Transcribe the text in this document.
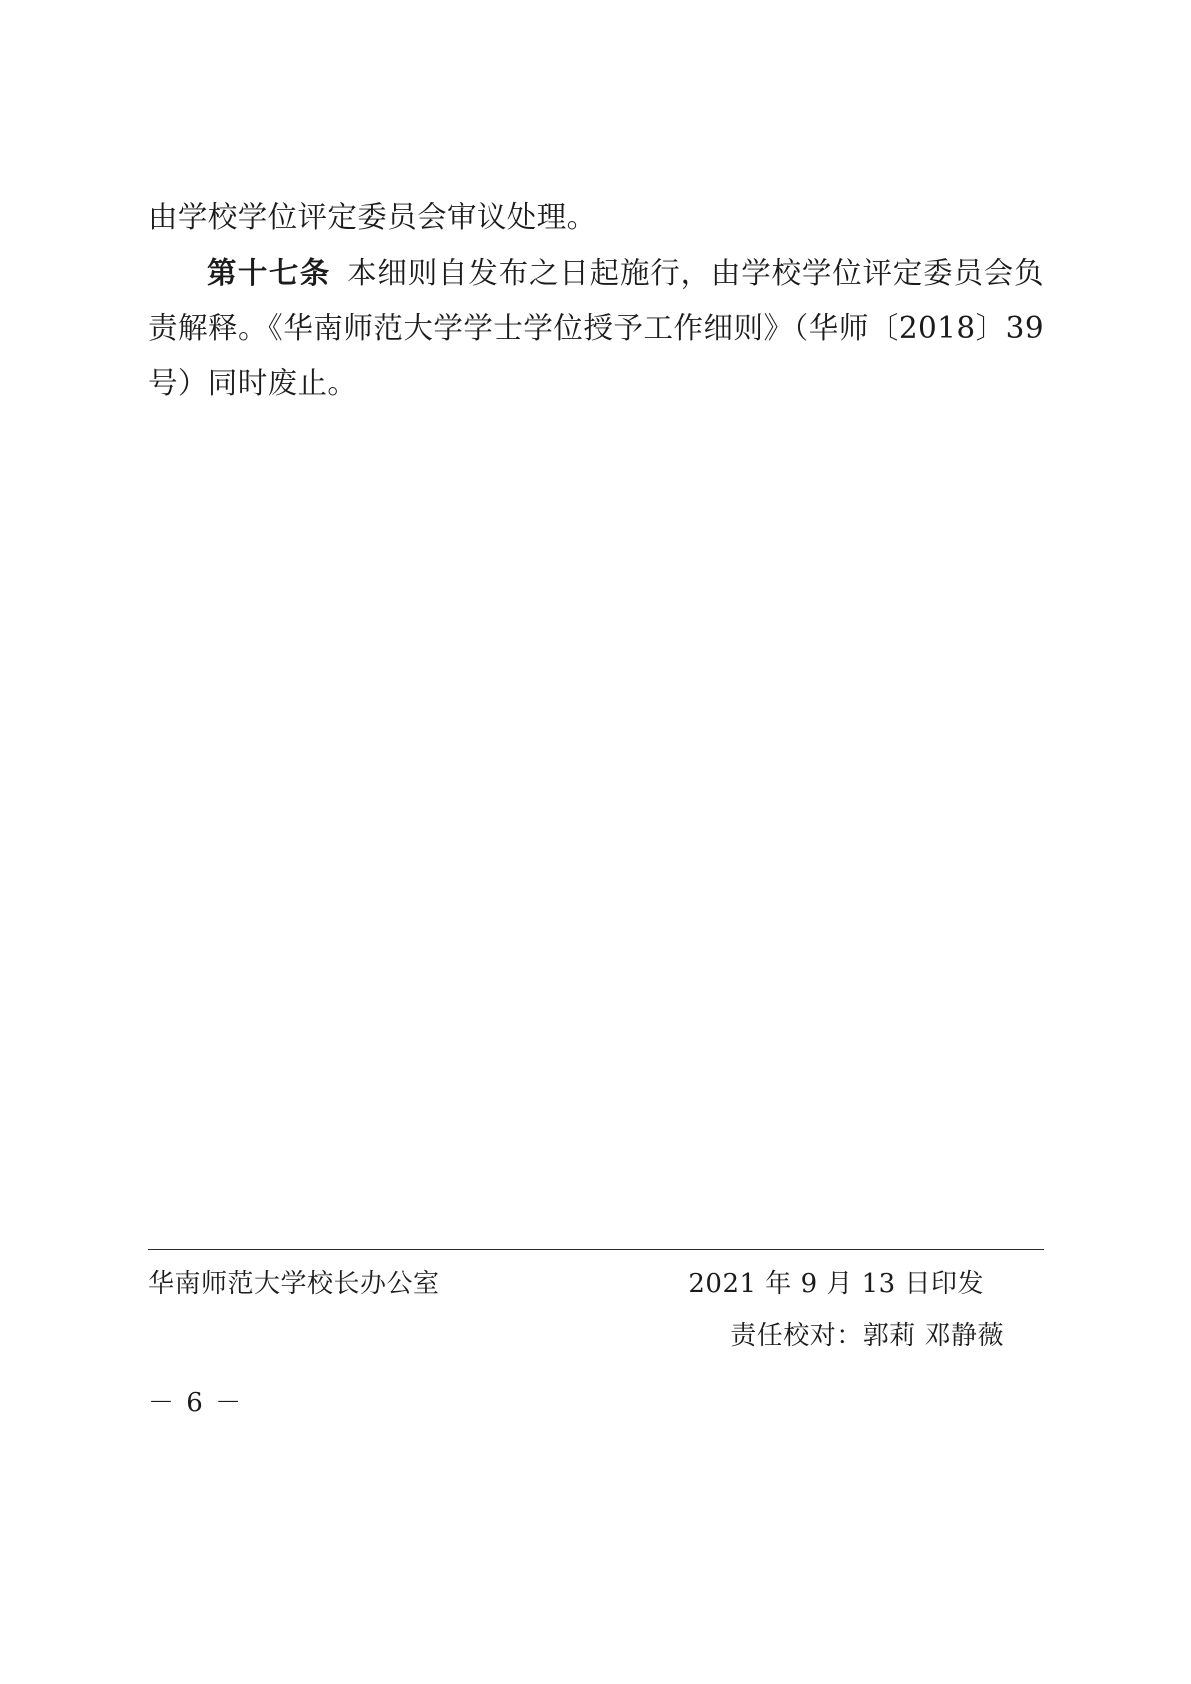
由学校学位评定委员会审议处理。

第十七条 本细则自发布之日起施行，由学校学位评定委员会负责解释。《华南师范大学学士学位授予工作细则》（华师〔2018〕39 号）同时废止。

华南师范大学校长办公室	2021 年 9 月 13 日印发
责任校对：郭莉 邓静薇
－ 6 －
